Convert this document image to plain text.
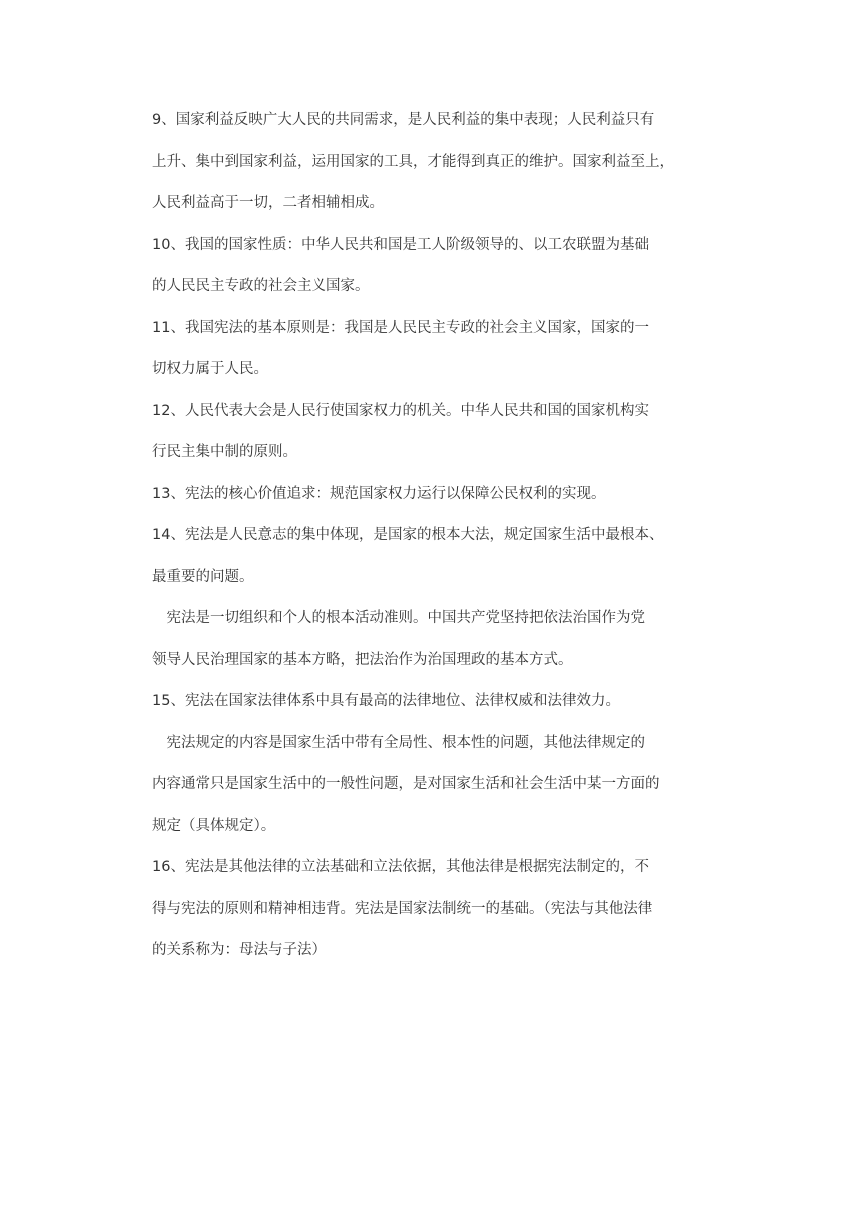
9、国家利益反映广大人民的共同需求，是人民利益的集中表现；人民利益只有
上升、集中到国家利益，运用国家的工具，才能得到真正的维护。国家利益至上，
人民利益高于一切，二者相辅相成。
10、我国的国家性质：中华人民共和国是工人阶级领导的、以工农联盟为基础
的人民民主专政的社会主义国家。
11、我国宪法的基本原则是：我国是人民民主专政的社会主义国家，国家的一
切权力属于人民。
12、人民代表大会是人民行使国家权力的机关。中华人民共和国的国家机构实
行民主集中制的原则。
13、宪法的核心价值追求：规范国家权力运行以保障公民权利的实现。
14、宪法是人民意志的集中体现，是国家的根本大法，规定国家生活中最根本、
最重要的问题。
　宪法是一切组织和个人的根本活动准则。中国共产党坚持把依法治国作为党
领导人民治理国家的基本方略，把法治作为治国理政的基本方式。
15、宪法在国家法律体系中具有最高的法律地位、法律权威和法律效力。
　宪法规定的内容是国家生活中带有全局性、根本性的问题，其他法律规定的
内容通常只是国家生活中的一般性问题，是对国家生活和社会生活中某一方面的
规定（具体规定）。
16、宪法是其他法律的立法基础和立法依据，其他法律是根据宪法制定的，不
得与宪法的原则和精神相违背。宪法是国家法制统一的基础。（宪法与其他法律
的关系称为：母法与子法）
